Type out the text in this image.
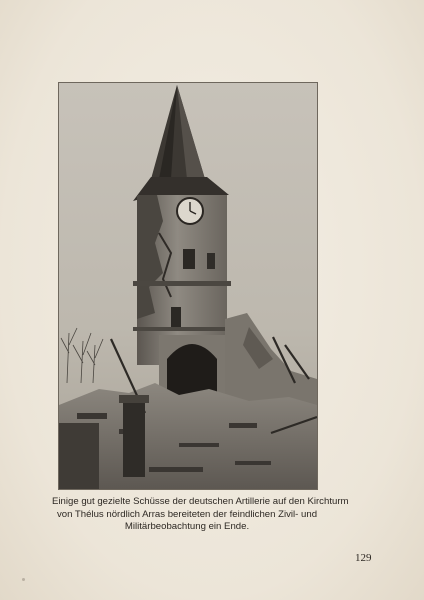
Einige gut gezielte Schüsse der deutschen Artillerie auf den Kirchturm
von Thélus nördlich Arras bereiteten der feindlichen Zivil- und
Militärbeobachtung ein Ende.
129
